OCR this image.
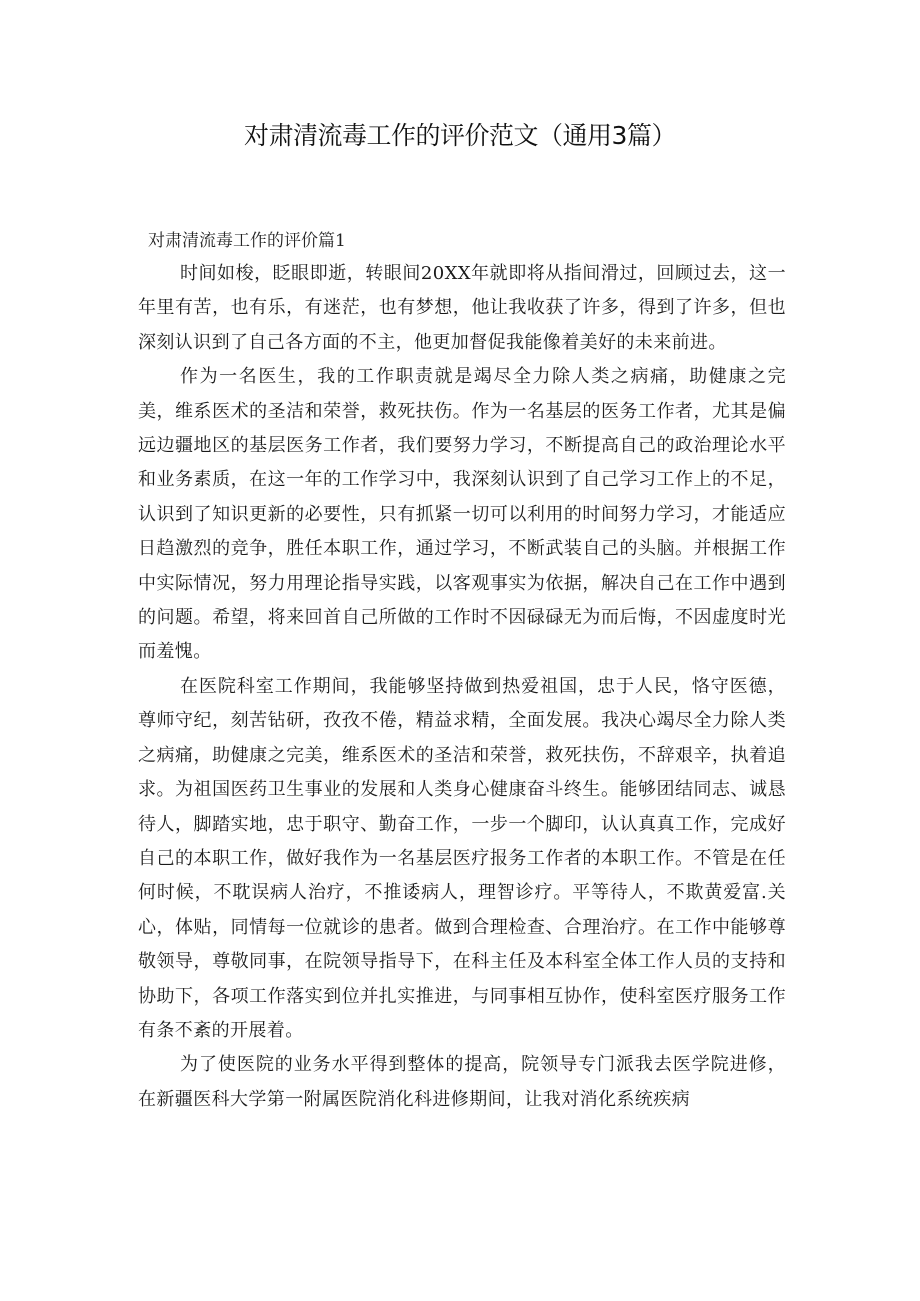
对肃清流毒工作的评价范文（通用3篇）
对肃清流毒工作的评价篇1

时间如梭，眨眼即逝，转眼间20XX年就即将从指间滑过，回顾过去，这一年里有苦，也有乐，有迷茫，也有梦想，他让我收获了许多，得到了许多，但也深刻认识到了自己各方面的不主，他更加督促我能像着美好的未来前进。

作为一名医生，我的工作职责就是竭尽全力除人类之病痛，助健康之完美，维系医术的圣洁和荣誉，救死扶伤。作为一名基层的医务工作者，尤其是偏远边疆地区的基层医务工作者，我们要努力学习，不断提高自己的政治理论水平和业务素质，在这一年的工作学习中，我深刻认识到了自己学习工作上的不足，认识到了知识更新的必要性，只有抓紧一切可以利用的时间努力学习，才能适应日趋激烈的竞争，胜任本职工作，通过学习，不断武装自己的头脑。并根据工作中实际情况，努力用理论指导实践，以客观事实为依据，解决自己在工作中遇到的问题。希望，将来回首自己所做的工作时不因碌碌无为而后悔，不因虚度时光而羞愧。

在医院科室工作期间，我能够坚持做到热爱祖国，忠于人民，恪守医德，尊师守纪，刻苦钻研，孜孜不倦，精益求精，全面发展。我决心竭尽全力除人类之病痛，助健康之完美，维系医术的圣洁和荣誉，救死扶伤，不辞艰辛，执着追求。为祖国医药卫生事业的发展和人类身心健康奋斗终生。能够团结同志、诚恳待人，脚踏实地，忠于职守、勤奋工作，一步一个脚印，认认真真工作，完成好自己的本职工作，做好我作为一名基层医疗报务工作者的本职工作。不管是在任何时候，不耽误病人治疗，不推诿病人，理智诊疗。平等待人，不欺黄爱富.关心，体贴，同情每一位就诊的患者。做到合理检查、合理治疗。在工作中能够尊敬领导，尊敬同事，在院领导指导下，在科主任及本科室全体工作人员的支持和协助下，各项工作落实到位并扎实推进，与同事相互协作，使科室医疗服务工作有条不紊的开展着。

为了使医院的业务水平得到整体的提高，院领导专门派我去医学院进修，在新疆医科大学第一附属医院消化科进修期间，让我对消化系统疾病
